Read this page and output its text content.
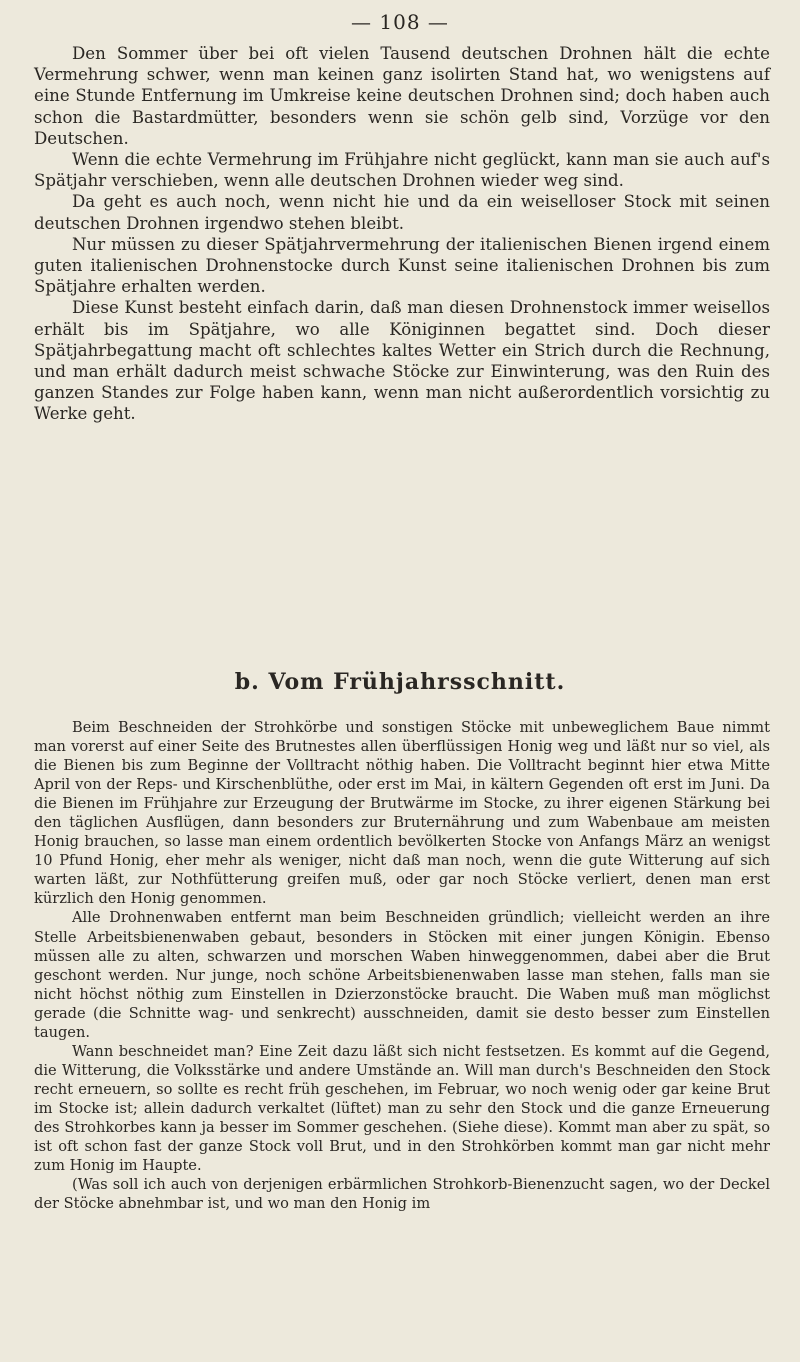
— 108 —

Den Sommer über bei oft vielen Tausend deutschen Drohnen hält die echte Vermehrung schwer, wenn man keinen ganz isolirten Stand hat, wo wenigstens auf eine Stunde Entfernung im Umkreise keine deutschen Drohnen sind; doch haben auch schon die Bastardmütter, besonders wenn sie schön gelb sind, Vorzüge vor den Deutschen.

Wenn die echte Vermehrung im Frühjahre nicht geglückt, kann man sie auch auf's Spätjahr verschieben, wenn alle deutschen Drohnen wieder weg sind.

Da geht es auch noch, wenn nicht hie und da ein weiselloser Stock mit seinen deutschen Drohnen irgendwo stehen bleibt.

Nur müssen zu dieser Spätjahrvermehrung der italienischen Bienen irgend einem guten italienischen Drohnenstocke durch Kunst seine italienischen Drohnen bis zum Spätjahre erhalten werden.

Diese Kunst besteht einfach darin, daß man diesen Drohnenstock immer weisellos erhält bis im Spätjahre, wo alle Königinnen begattet sind. Doch dieser Spätjahrbegattung macht oft schlechtes kaltes Wetter ein Strich durch die Rechnung, und man erhält dadurch meist schwache Stöcke zur Einwinterung, was den Ruin des ganzen Standes zur Folge haben kann, wenn man nicht außerordentlich vorsichtig zu Werke geht.

b. Vom Frühjahrsschnitt.

Beim Beschneiden der Strohkörbe und sonstigen Stöcke mit unbeweglichem Baue nimmt man vorerst auf einer Seite des Brutnestes allen überflüssigen Honig weg und läßt nur so viel, als die Bienen bis zum Beginne der Volltracht nöthig haben. Die Volltracht beginnt hier etwa Mitte April von der Reps- und Kirschenblüthe, oder erst im Mai, in kältern Gegenden oft erst im Juni. Da die Bienen im Frühjahre zur Erzeugung der Brutwärme im Stocke, zu ihrer eigenen Stärkung bei den täglichen Ausflügen, dann besonders zur Bruternährung und zum Wabenbaue am meisten Honig brauchen, so lasse man einem ordentlich bevölkerten Stocke von Anfangs März an wenigst 10 Pfund Honig, eher mehr als weniger, nicht daß man noch, wenn die gute Witterung auf sich warten läßt, zur Nothfütterung greifen muß, oder gar noch Stöcke verliert, denen man erst kürzlich den Honig genommen.

Alle Drohnenwaben entfernt man beim Beschneiden gründlich; vielleicht werden an ihre Stelle Arbeitsbienenwaben gebaut, besonders in Stöcken mit einer jungen Königin. Ebenso müssen alle zu alten, schwarzen und morschen Waben hinweggenommen, dabei aber die Brut geschont werden. Nur junge, noch schöne Arbeitsbienenwaben lasse man stehen, falls man sie nicht höchst nöthig zum Einstellen in Dzierzonstöcke braucht. Die Waben muß man möglichst gerade (die Schnitte wag- und senkrecht) ausschneiden, damit sie desto besser zum Einstellen taugen.

Wann beschneidet man? Eine Zeit dazu läßt sich nicht festsetzen. Es kommt auf die Gegend, die Witterung, die Volksstärke und andere Umstände an. Will man durch's Beschneiden den Stock recht erneuern, so sollte es recht früh geschehen, im Februar, wo noch wenig oder gar keine Brut im Stocke ist; allein dadurch verkaltet (lüftet) man zu sehr den Stock und die ganze Erneuerung des Strohkorbes kann ja besser im Sommer geschehen. (Siehe diese). Kommt man aber zu spät, so ist oft schon fast der ganze Stock voll Brut, und in den Strohkörben kommt man gar nicht mehr zum Honig im Haupte.

(Was soll ich auch von derjenigen erbärmlichen Strohkorb-Bienenzucht sagen, wo der Deckel der Stöcke abnehmbar ist, und wo man den Honig im
